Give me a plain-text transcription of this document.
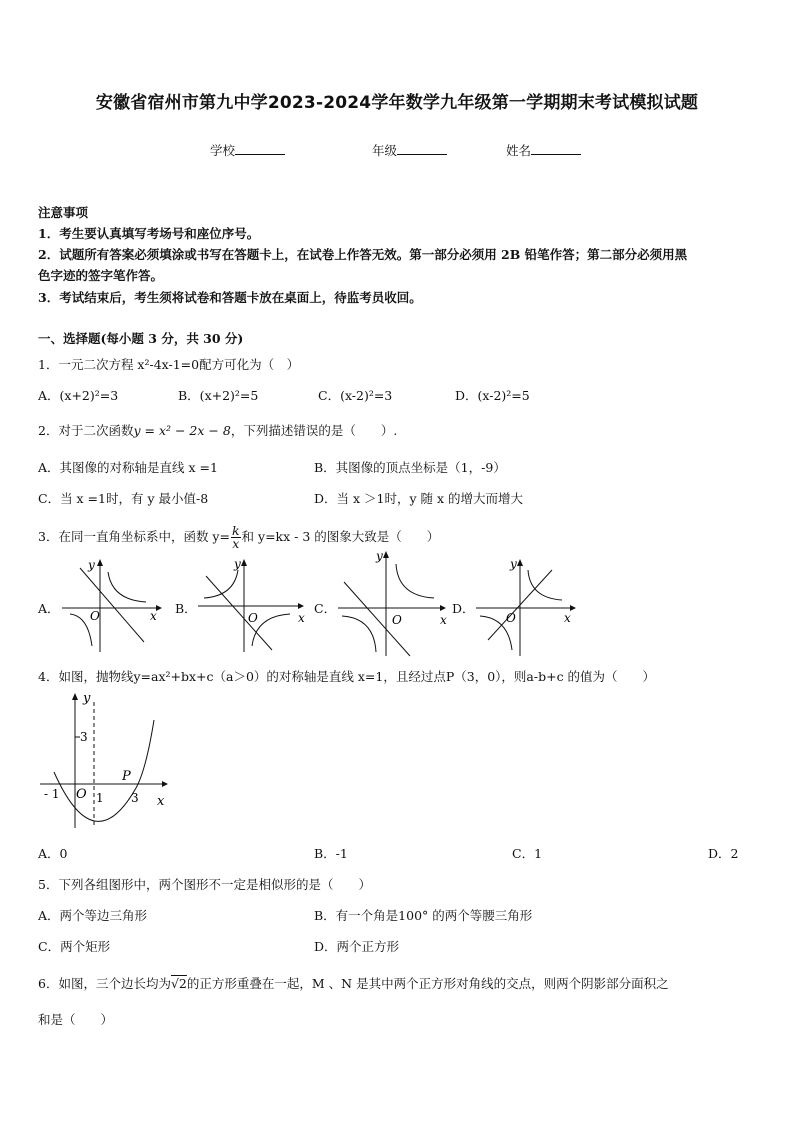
安徽省宿州市第九中学2023-2024学年数学九年级第一学期期末考试模拟试题
学校	年级	姓名
注意事项
1．考生要认真填写考场号和座位序号。
2．试题所有答案必须填涂或书写在答题卡上，在试卷上作答无效。第一部分必须用 2B 铅笔作答；第二部分必须用黑
色字迹的签字笔作答。
3．考试结束后，考生须将试卷和答题卡放在桌面上，待监考员收回。
一、选择题(每小题 3 分，共 30 分)
1．一元二次方程 x²-4x-1=0配方可化为（　）
A．(x+2)²=3	B．(x+2)²=5	C．(x-2)²=3	D．(x-2)²=5
2．对于二次函数y = x² − 2x − 8，下列描述错误的是（　　）.
A．其图像的对称轴是直线 x =1	B．其图像的顶点坐标是（1，-9）
C．当 x =1时，有 y 最小值-8	D．当 x ＞1时，y 随 x 的增大而增大
3．在同一直角坐标系中，函数 $y= \frac{k}{x}$ 和 y=kx - 3 的图象大致是（　　）
A．
y
x
O	B．
y
x
O
C．
y
x
O
D．
y
x
O
4．如图，抛物线y=ax²+bx+c（a＞0）的对称轴是直线 x=1，且经过点P（3，0），则a-b+c 的值为（　　）
y
3
P
- 1 O 1 3 x
A．0	B．-1	C．1	D．2
5．下列各组图形中，两个图形不一定是相似形的是（　　）
A．两个等边三角形	B．有一个角是100° 的两个等腰三角形
C．两个矩形	D．两个正方形
6．如图，三个边长均为√2的正方形重叠在一起，M 、N 是其中两个正方形对角线的交点，则两个阴影部分面积之
和是（　　）
